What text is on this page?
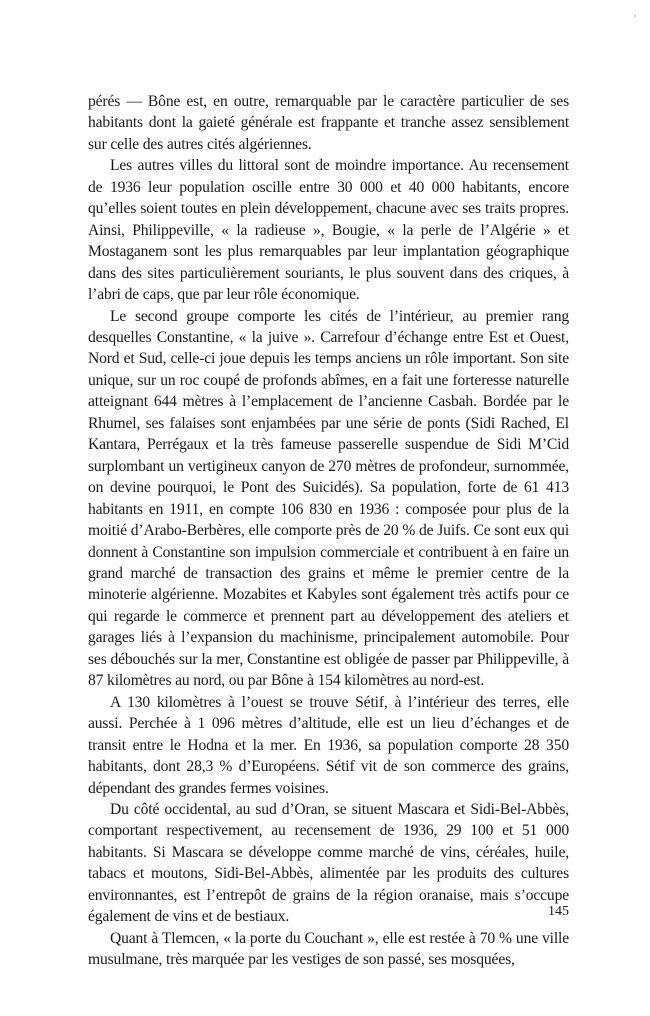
'

pérés — Bône est, en outre, remarquable par le caractère particulier de ses habitants dont la gaieté générale est frappante et tranche assez sensiblement sur celle des autres cités algériennes.

Les autres villes du littoral sont de moindre importance. Au recensement de 1936 leur population oscille entre 30 000 et 40 000 habitants, encore qu’elles soient toutes en plein développement, chacune avec ses traits propres. Ainsi, Philippeville, « la radieuse », Bougie, « la perle de l’Algérie » et Mostaganem sont les plus remarquables par leur implantation géographique dans des sites particulièrement souriants, le plus souvent dans des criques, à l’abri de caps, que par leur rôle économique.

Le second groupe comporte les cités de l’intérieur, au premier rang desquelles Constantine, « la juive ». Carrefour d’échange entre Est et Ouest, Nord et Sud, celle-ci joue depuis les temps anciens un rôle important. Son site unique, sur un roc coupé de profonds abîmes, en a fait une forteresse naturelle atteignant 644 mètres à l’emplacement de l’ancienne Casbah. Bordée par le Rhumel, ses falaises sont enjambées par une série de ponts (Sidi Rached, El Kantara, Perrégaux et la très fameuse passerelle suspendue de Sidi M’Cid surplombant un vertigineux canyon de 270 mètres de profondeur, surnommée, on devine pourquoi, le Pont des Suicidés). Sa population, forte de 61 413 habitants en 1911, en compte 106 830 en 1936 : composée pour plus de la moitié d’Arabo-Berbères, elle comporte près de 20 % de Juifs. Ce sont eux qui donnent à Constantine son impulsion commerciale et contribuent à en faire un grand marché de transaction des grains et même le premier centre de la minoterie algérienne. Mozabites et Kabyles sont également très actifs pour ce qui regarde le commerce et prennent part au développement des ateliers et garages liés à l’expansion du machinisme, principalement automobile. Pour ses débouchés sur la mer, Constantine est obligée de passer par Philippeville, à 87 kilomètres au nord, ou par Bône à 154 kilomètres au nord-est.

A 130 kilomètres à l’ouest se trouve Sétif, à l’intérieur des terres, elle aussi. Perchée à 1 096 mètres d’altitude, elle est un lieu d’échanges et de transit entre le Hodna et la mer. En 1936, sa population comporte 28 350 habitants, dont 28,3 % d’Européens. Sétif vit de son commerce des grains, dépendant des grandes fermes voisines.

Du côté occidental, au sud d’Oran, se situent Mascara et Sidi-Bel-Abbès, comportant respectivement, au recensement de 1936, 29 100 et 51 000 habitants. Si Mascara se développe comme marché de vins, céréales, huile, tabacs et moutons, Sidi-Bel-Abbès, alimentée par les produits des cultures environnantes, est l’entrepôt de grains de la région oranaise, mais s’occupe également de vins et de bestiaux.

Quant à Tlemcen, « la porte du Couchant », elle est restée à 70 % une ville musulmane, très marquée par les vestiges de son passé, ses mosquées,

145
